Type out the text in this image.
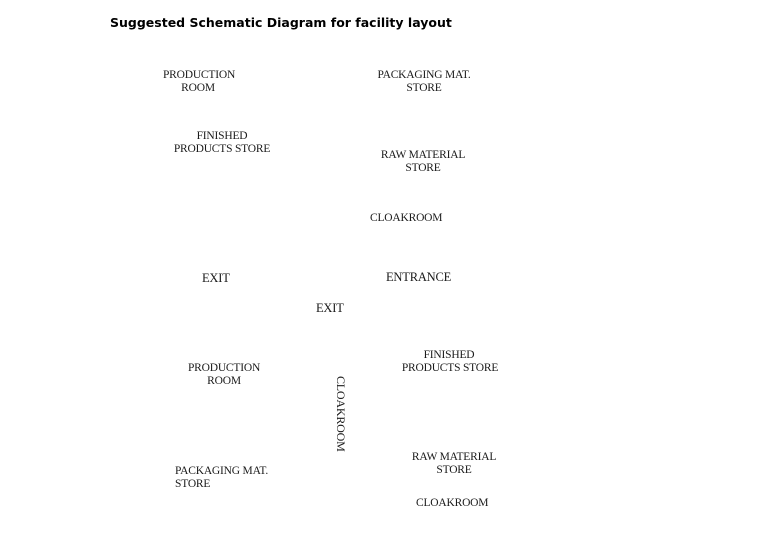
Suggested Schematic Diagram for facility layout
PRODUCTION
ROOM
PACKAGING MAT.
STORE
FINISHED
PRODUCTS STORE	RAW MATERIAL
STORE
CLOAKROOM
EXIT	ENTRANCE
EXIT
PRODUCTION
ROOM
FINISHED
PRODUCTS STORE
CLOAKROOM
PACKAGING MAT.
STORE
RAW MATERIAL
STORE
CLOAKROOM
